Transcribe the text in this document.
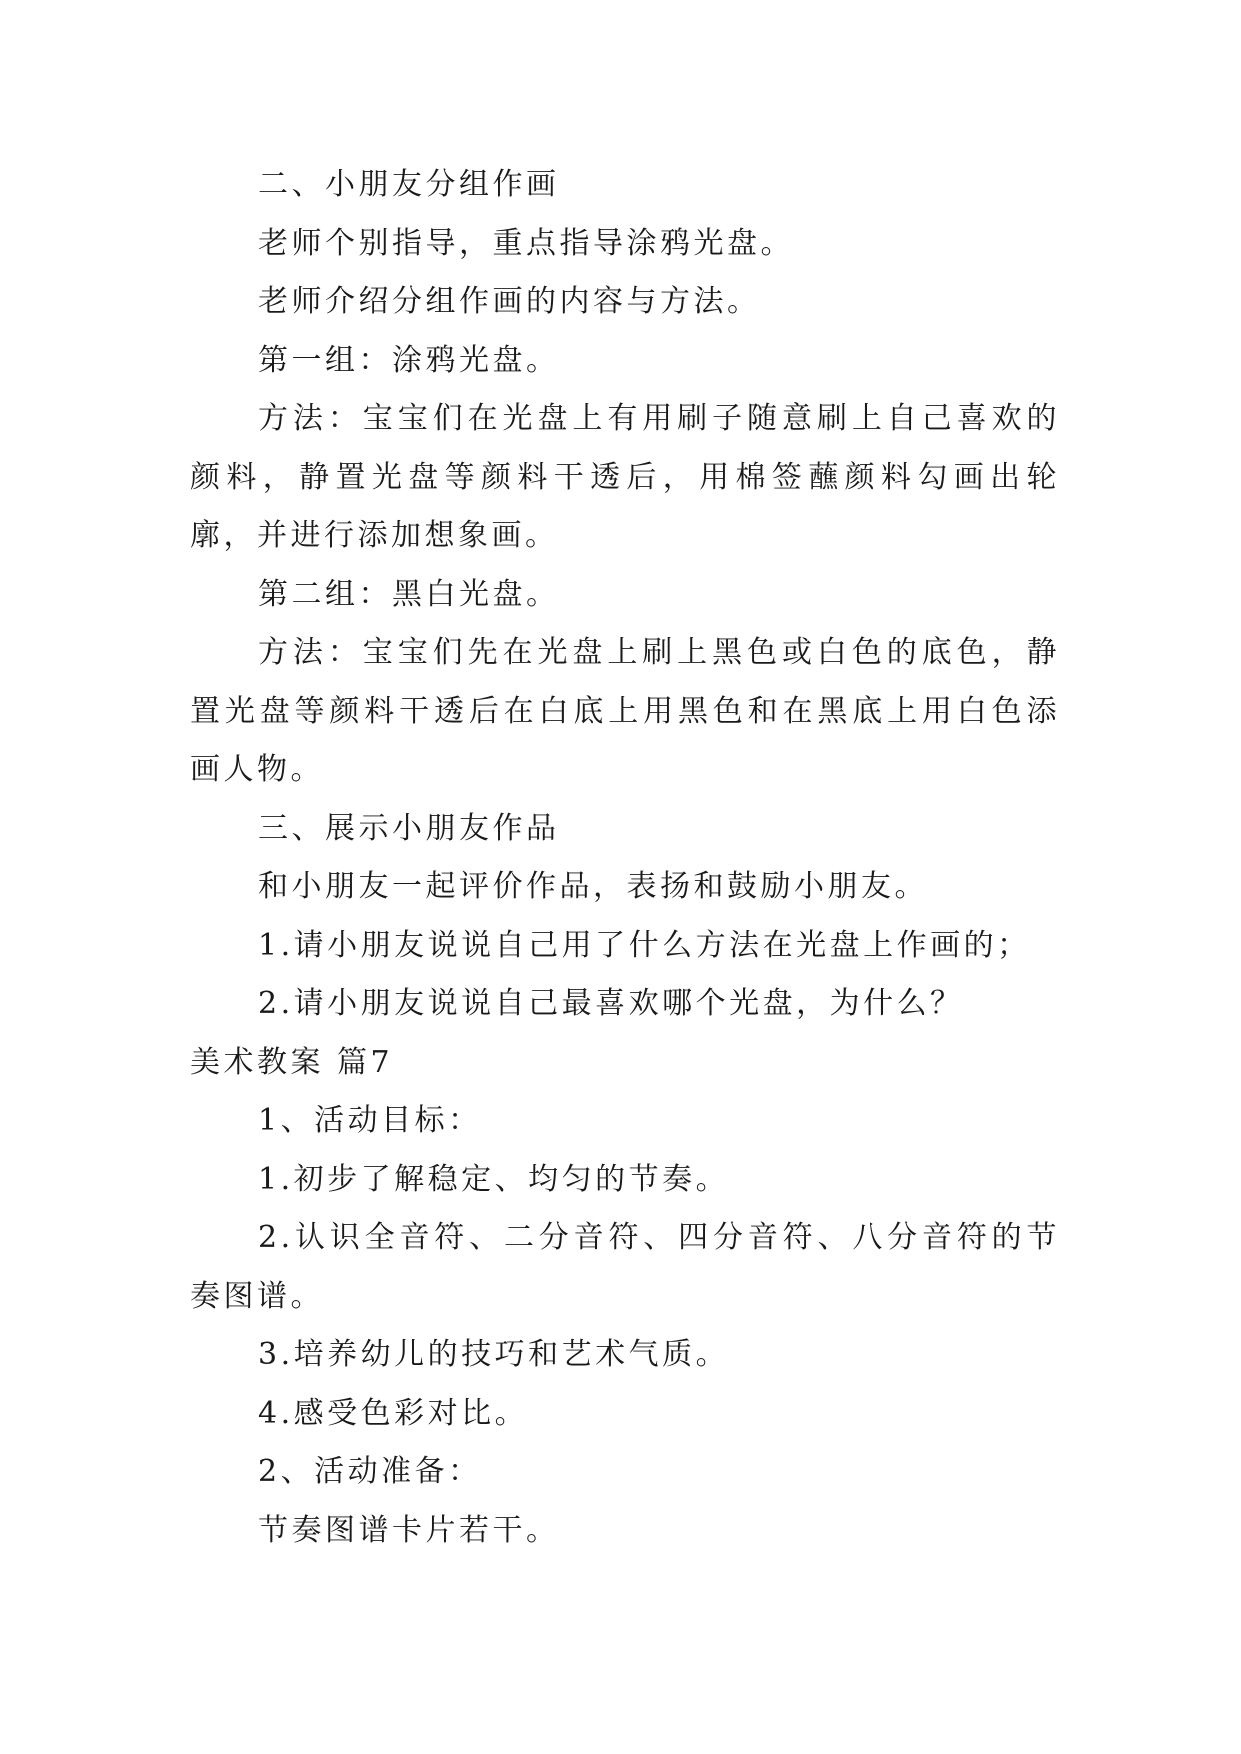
二、小朋友分组作画

老师个别指导，重点指导涂鸦光盘。

老师介绍分组作画的内容与方法。

第一组：涂鸦光盘。

方法：宝宝们在光盘上有用刷子随意刷上自己喜欢的颜料，静置光盘等颜料干透后，用棉签蘸颜料勾画出轮廓，并进行添加想象画。

第二组：黑白光盘。

方法：宝宝们先在光盘上刷上黑色或白色的底色，静置光盘等颜料干透后在白底上用黑色和在黑底上用白色添画人物。

三、展示小朋友作品

和小朋友一起评价作品，表扬和鼓励小朋友。

1.请小朋友说说自己用了什么方法在光盘上作画的；

2.请小朋友说说自己最喜欢哪个光盘，为什么？

美术教案 篇7

1、活动目标：

1.初步了解稳定、均匀的节奏。

2.认识全音符、二分音符、四分音符、八分音符的节奏图谱。

3.培养幼儿的技巧和艺术气质。

4.感受色彩对比。

2、活动准备：

节奏图谱卡片若干。
